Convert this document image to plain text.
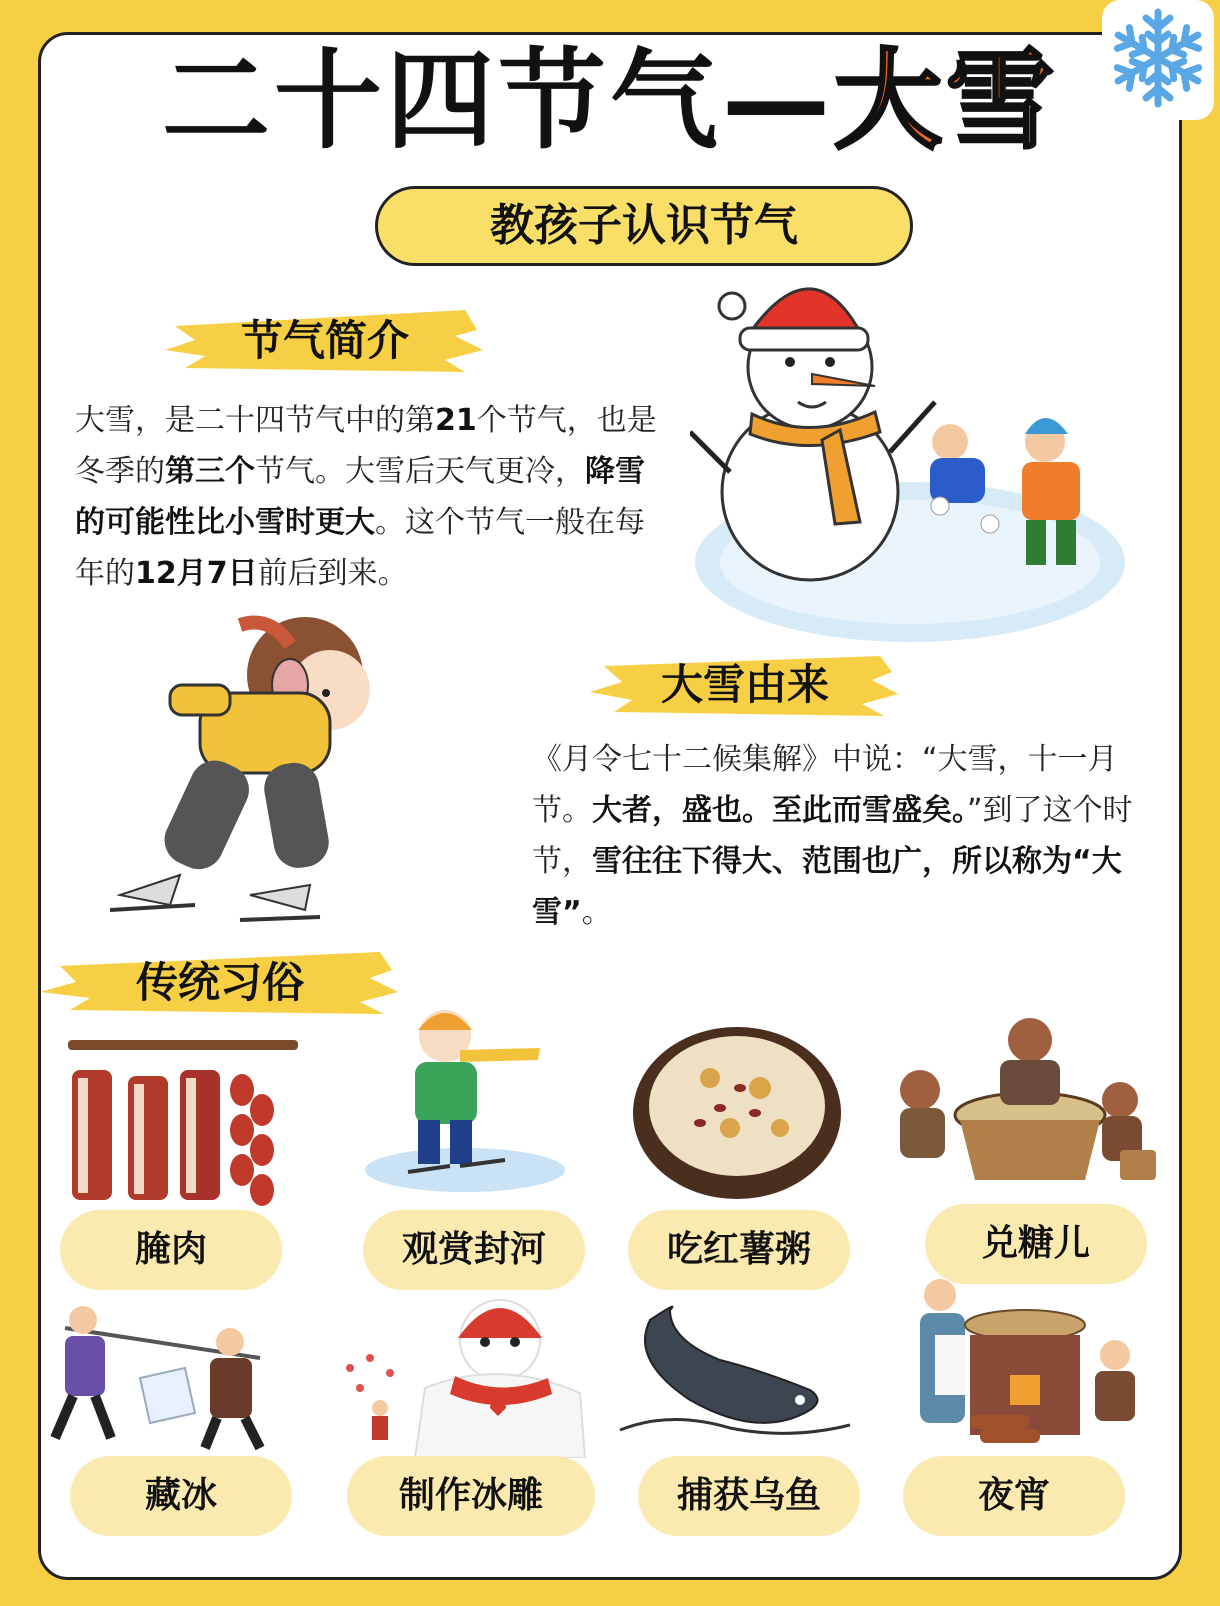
二十四节气—大雪
教孩子认识节气
节气简介
大雪，是二十四节气中的第21个节气，也是冬季的第三个节气。大雪后天气更冷，降雪的可能性比小雪时更大。这个节气一般在每年的12月7日前后到来。
大雪由来
《月令七十二候集解》中说：“大雪，十一月节。大者，盛也。至此而雪盛矣。”到了这个时节，雪往往下得大、范围也广，所以称为“大雪”。
传统习俗
腌肉	观赏封河	吃红薯粥	兑糖儿
藏冰	制作冰雕	捕获乌鱼	夜宵
